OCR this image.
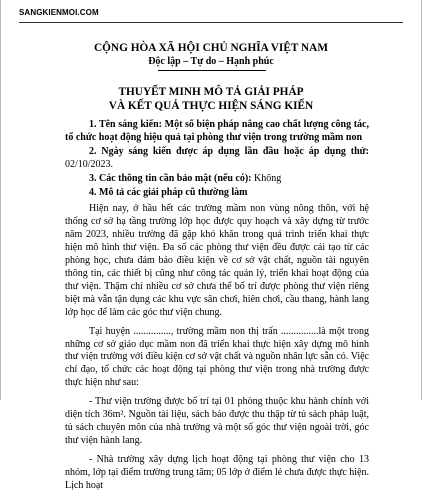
SANGKIENMOI.COM
CỘNG HÒA XÃ HỘI CHỦ NGHĨA VIỆT NAM
Độc lập – Tự do – Hạnh phúc
THUYẾT MINH MÔ TẢ GIẢI PHÁP
VÀ KẾT QUẢ THỰC HIỆN SÁNG KIẾN

1. Tên sáng kiến: Một số biện pháp nâng cao chất lượng công tác, tổ chức hoạt động hiệu quả tại phòng thư viện trong trường mầm non

2. Ngày sáng kiến được áp dụng lần đầu hoặc áp dụng thử: 02/10/2023.

3. Các thông tin cần bảo mật (nếu có): Không

4. Mô tả các giải pháp cũ thường làm

Hiện nay, ở hầu hết các trường mầm non vùng nông thôn, với hệ thống cơ sở hạ tầng trường lớp học được quy hoạch và xây dựng từ trước năm 2023, nhiều trường đã gặp khó khăn trong quá trình triển khai thực hiện mô hình thư viện. Đa số các phòng thư viện đều được cải tạo từ các phòng học, chưa đảm bảo điều kiện về cơ sở vật chất, nguồn tài nguyên thông tin, các thiết bị cũng như công tác quản lý, triển khai hoạt động của thư viện. Thậm chí nhiều cơ sở chưa thể bố trí được phòng thư viện riêng biệt mà vẫn tận dụng các khu vực sân chơi, hiên chơi, cầu thang, hành lang lớp học để làm các góc thư viện chung.

Tại huyện ..............., trường mầm non thị trấn ...............là một trong những cơ sở giáo dục mầm non đã triển khai thực hiện xây dựng mô hình thư viện trường với điều kiện cơ sở vật chất và nguồn nhân lực sẵn có. Việc chỉ đạo, tổ chức các hoạt động tại phòng thư viện trong nhà trường được thực hiện như sau:

- Thư viện trường được bố trí tại 01 phòng thuộc khu hành chính với diện tích 36m². Nguồn tài liệu, sách báo được thu thập từ tủ sách pháp luật, tủ sách chuyên môn của nhà trường và một số góc thư viện ngoài trời, góc thư viện hành lang.

- Nhà trường xây dựng lịch hoạt động tại phòng thư viện cho 13 nhóm, lớp tại điểm trường trung tâm; 05 lớp ở điểm lẻ chưa được thực hiện. Lịch hoạt
